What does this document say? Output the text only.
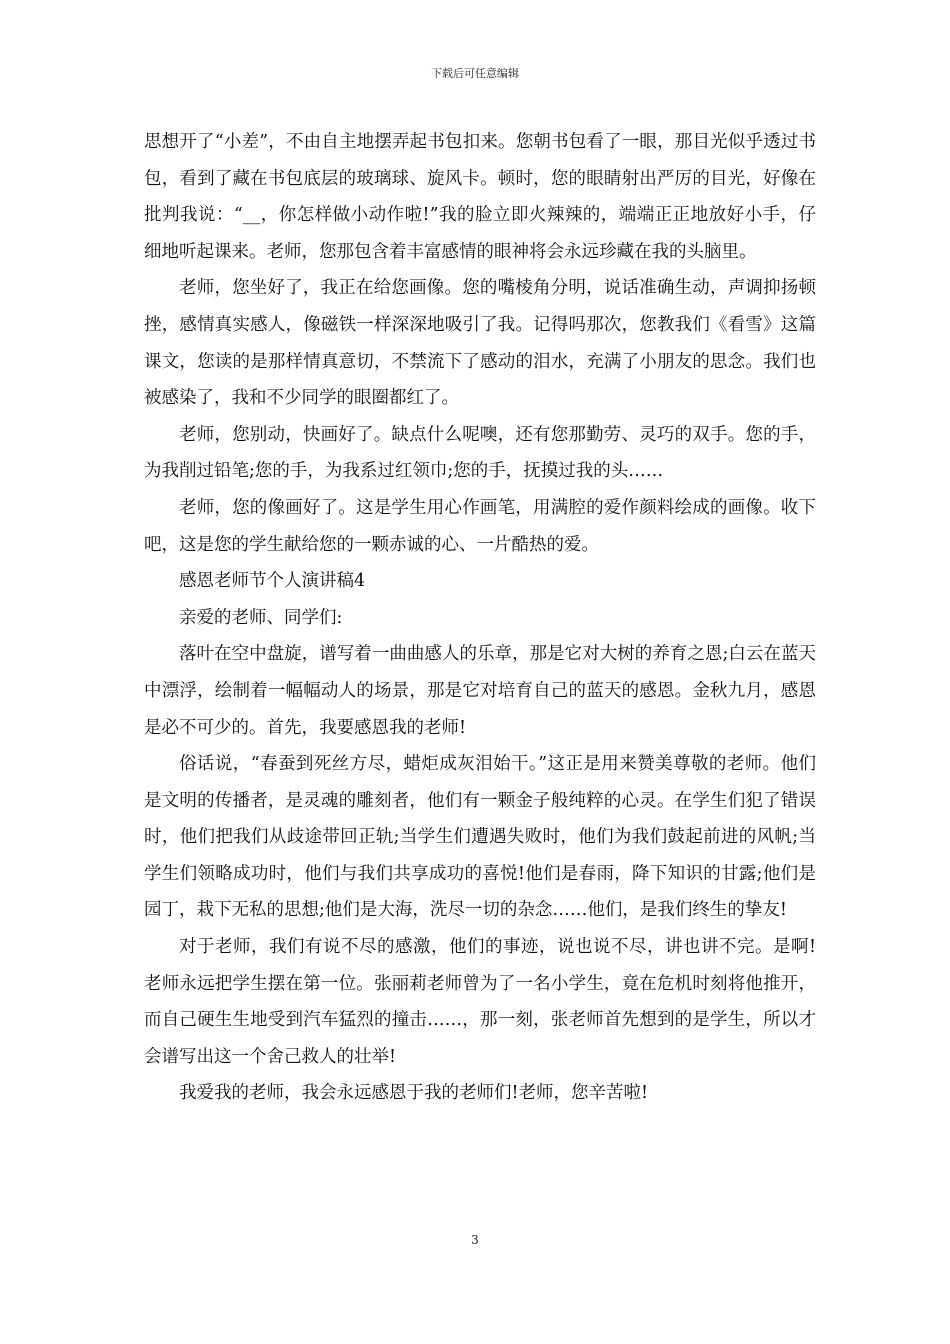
下载后可任意编辑

思想开了“小差”，不由自主地摆弄起书包扣来。您朝书包看了一眼，那目光似乎透过书包，看到了藏在书包底层的玻璃球、旋风卡。顿时，您的眼睛射出严厉的目光，好像在批判我说：“__，你怎样做小动作啦!”我的脸立即火辣辣的，端端正正地放好小手，仔细地听起课来。老师，您那包含着丰富感情的眼神将会永远珍藏在我的头脑里。

老师，您坐好了，我正在给您画像。您的嘴棱角分明，说话准确生动，声调抑扬顿挫，感情真实感人，像磁铁一样深深地吸引了我。记得吗那次，您教我们《看雪》这篇课文，您读的是那样情真意切，不禁流下了感动的泪水，充满了小朋友的思念。我们也被感染了，我和不少同学的眼圈都红了。

老师，您别动，快画好了。缺点什么呢噢，还有您那勤劳、灵巧的双手。您的手，为我削过铅笔;您的手，为我系过红领巾;您的手，抚摸过我的头……

老师，您的像画好了。这是学生用心作画笔，用满腔的爱作颜料绘成的画像。收下吧，这是您的学生献给您的一颗赤诚的心、一片酷热的爱。

感恩老师节个人演讲稿4

亲爱的老师、同学们:

落叶在空中盘旋，谱写着一曲曲感人的乐章，那是它对大树的养育之恩;白云在蓝天中漂浮，绘制着一幅幅动人的场景，那是它对培育自己的蓝天的感恩。金秋九月，感恩是必不可少的。首先，我要感恩我的老师!

俗话说，“春蚕到死丝方尽，蜡炬成灰泪始干。”这正是用来赞美尊敬的老师。他们是文明的传播者，是灵魂的雕刻者，他们有一颗金子般纯粹的心灵。在学生们犯了错误时，他们把我们从歧途带回正轨;当学生们遭遇失败时，他们为我们鼓起前进的风帆;当学生们领略成功时，他们与我们共享成功的喜悦!他们是春雨，降下知识的甘露;他们是园丁，栽下无私的思想;他们是大海，洗尽一切的杂念……他们，是我们终生的挚友!

对于老师，我们有说不尽的感激，他们的事迹，说也说不尽，讲也讲不完。是啊!老师永远把学生摆在第一位。张丽莉老师曾为了一名小学生，竟在危机时刻将他推开，而自己硬生生地受到汽车猛烈的撞击……，那一刻，张老师首先想到的是学生，所以才会谱写出这一个舍己救人的壮举!

我爱我的老师，我会永远感恩于我的老师们!老师，您辛苦啦!

3
